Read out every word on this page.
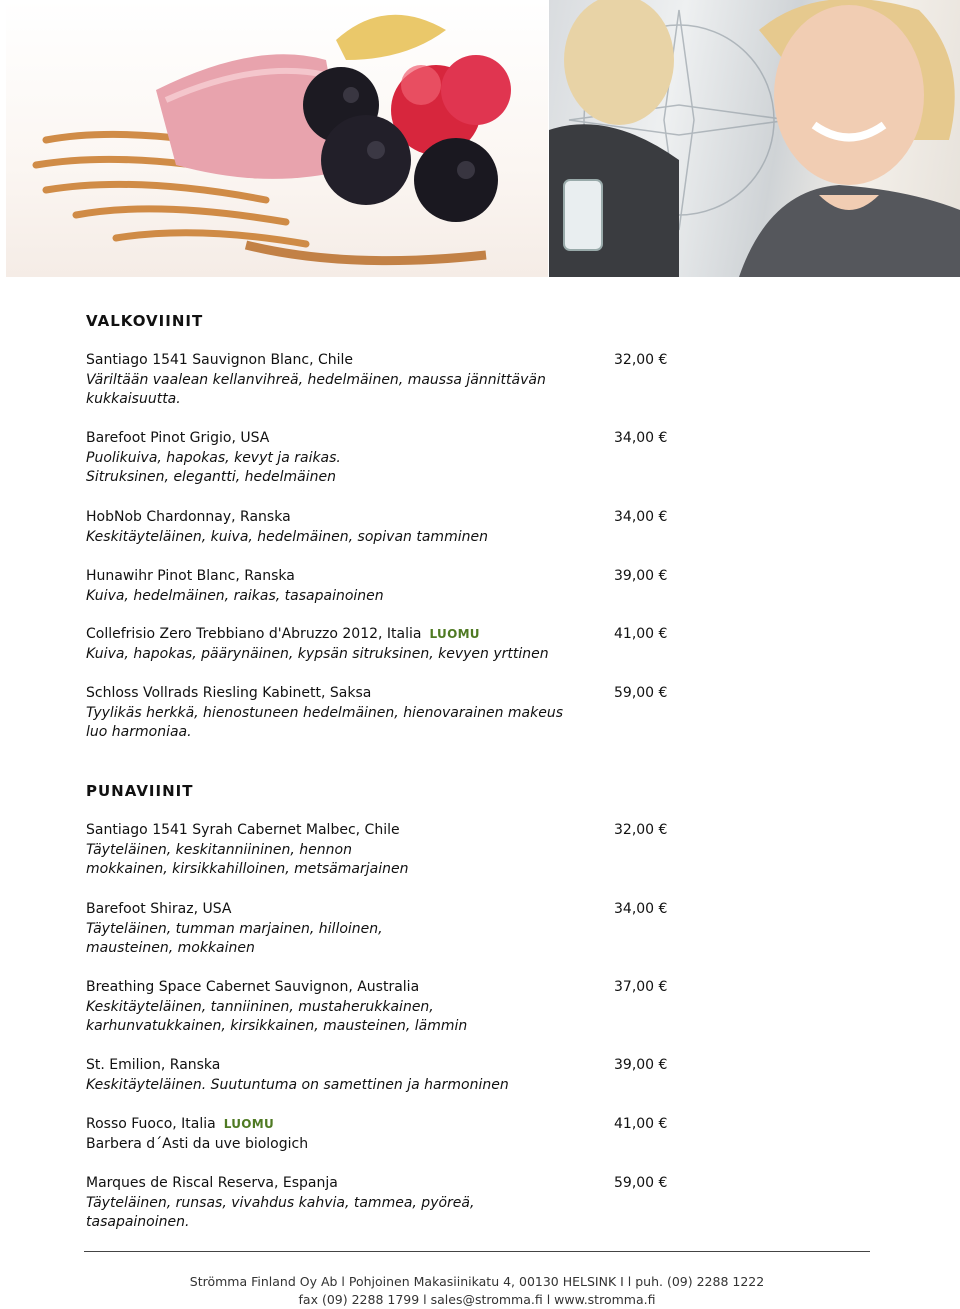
VALKOVIINIT
Santiago 1541 Sauvignon Blanc, Chile	32,00 €
Väriltään vaalean kellanvihreä, hedelmäinen, maussa jännittävän
kukkaisuutta.
Barefoot Pinot Grigio, USA	34,00 €
Puolikuiva, hapokas, kevyt ja raikas.
Sitruksinen, elegantti, hedelmäinen
HobNob Chardonnay, Ranska	34,00 €
Keskitäyteläinen, kuiva, hedelmäinen, sopivan tamminen
Hunawihr Pinot Blanc, Ranska	39,00 €
Kuiva, hedelmäinen, raikas, tasapainoinen
Collefrisio Zero Trebbiano d'Abruzzo 2012, Italia LUOMU	41,00 €
Kuiva, hapokas, päärynäinen, kypsän sitruksinen, kevyen yrttinen
Schloss Vollrads Riesling Kabinett, Saksa	59,00 €
Tyylikäs herkkä, hienostuneen hedelmäinen, hienovarainen makeus
luo harmoniaa.
PUNAVIINIT
Santiago 1541 Syrah Cabernet Malbec, Chile	32,00 €
Täyteläinen, keskitanniininen, hennon
mokkainen, kirsikkahilloinen, metsämarjainen
Barefoot Shiraz, USA	34,00 €
Täyteläinen, tumman marjainen, hilloinen,
mausteinen, mokkainen
Breathing Space Cabernet Sauvignon, Australia	37,00 €
Keskitäyteläinen, tanniininen, mustaherukkainen,
karhunvatukkainen, kirsikkainen, mausteinen, lämmin
St. Emilion, Ranska	39,00 €
Keskitäyteläinen. Suutuntuma on samettinen ja harmoninen
Rosso Fuoco, Italia LUOMU	41,00 €
Barbera d´Asti da uve biologich
Marques de Riscal Reserva, Espanja	59,00 €
Täyteläinen, runsas, vivahdus kahvia, tammea, pyöreä,
tasapainoinen.
Strömma Finland Oy Ab l Pohjoinen Makasiinikatu 4, 00130 HELSINK I l puh. (09) 2288 1222
fax (09) 2288 1799 l sales@stromma.fi l www.stromma.fi
